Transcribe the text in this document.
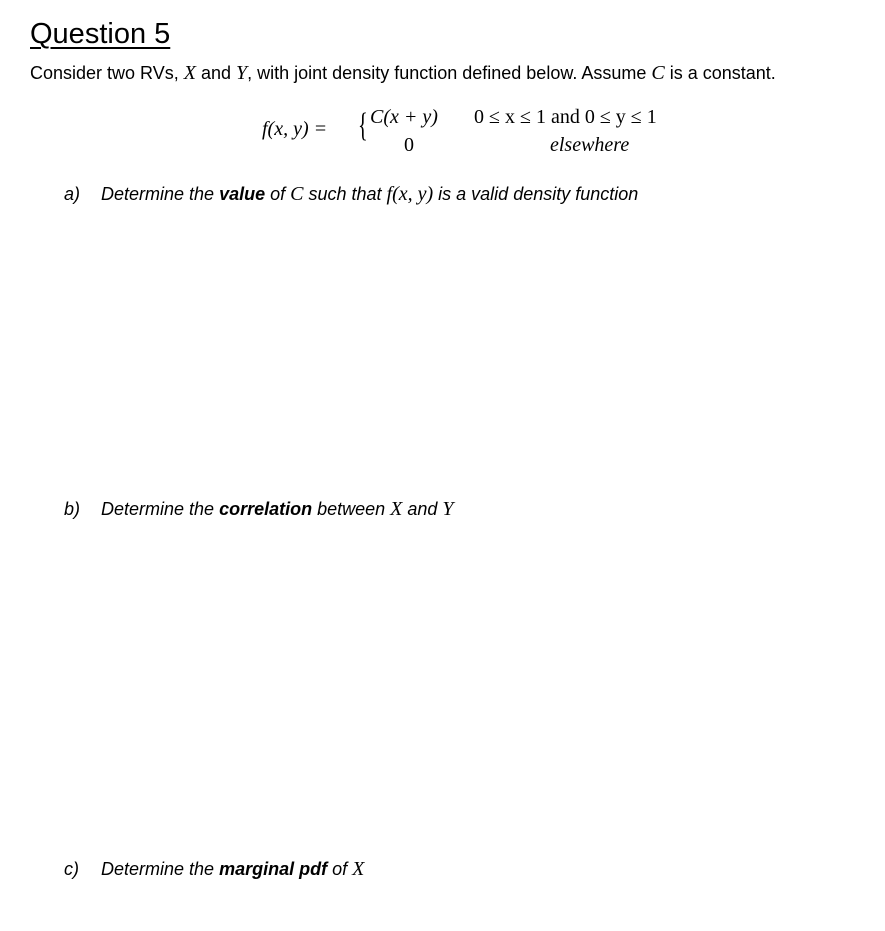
Question 5
Consider two RVs, X and Y, with joint density function defined below. Assume C is a constant.
f(x, y) = { C(x + y) 0 ≤ x ≤ 1 and 0 ≤ y ≤ 1
0	elsewhere
a) Determine the value of C such that f(x, y) is a valid density function
b) Determine the correlation between X and Y
c) Determine the marginal pdf of X
